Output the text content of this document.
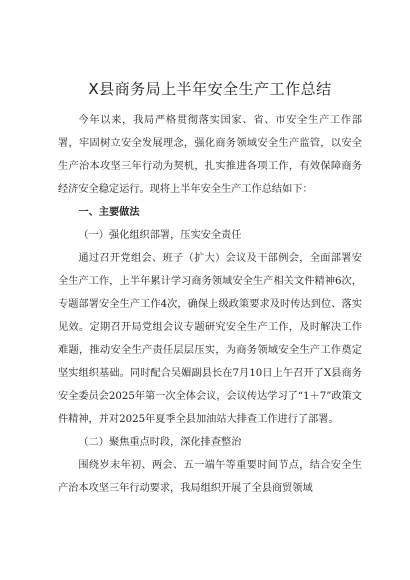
X县商务局上半年安全生产工作总结

今年以来，我局严格贯彻落实国家、省、市安全生产工作部署，牢固树立安全发展理念，强化商务领域安全生产监管，以安全生产治本攻坚三年行动为契机，扎实推进各项工作，有效保障商务经济安全稳定运行。现将上半年安全生产工作总结如下：

一、主要做法

（一）强化组织部署，压实安全责任

通过召开党组会、班子（扩大）会议及干部例会，全面部署安全生产工作，上半年累计学习商务领域安全生产相关文件精神6次，专题部署安全生产工作4次，确保上级政策要求及时传达到位、落实见效。定期召开局党组会议专题研究安全生产工作，及时解决工作难题，推动安全生产责任层层压实，为商务领域安全生产工作奠定坚实组织基础。同时配合吴媚副县长在7月10日上午召开了X县商务安全委员会2025年第一次全体会议，会议传达学习了“1＋7”政策文件精神，并对2025年夏季全县加油站大排查工作进行了部署。

（二）聚焦重点时段，深化排查整治

围绕岁末年初、两会、五一端午等重要时间节点，结合安全生产治本攻坚三年行动要求，我局组织开展了全县商贸领域
